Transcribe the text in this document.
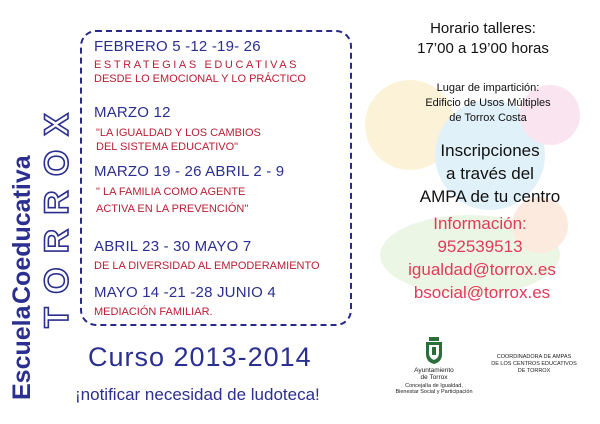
Escuela
Coeducativa TORROX
FEBRERO 5 -12 -19- 26
ESTRATEGIAS EDUCATIVAS
DESDE LO EMOCIONAL Y LO PRÁCTICO
MARZO 12
"LA IGUALDAD Y LOS CAMBIOS
DEL SISTEMA EDUCATIVO"
MARZO 19 - 26 ABRIL 2 - 9
" LA FAMILIA COMO AGENTE
ACTIVA EN LA PREVENCIÓN"
ABRIL 23 - 30 MAYO 7
DE LA DIVERSIDAD AL EMPODERAMIENTO
MAYO 14 -21 -28 JUNIO 4
MEDIACIÓN FAMILIAR.
Curso 2013-2014
¡notificar necesidad de ludoteca!
Horario talleres:
17’00 a 19’00 horas
Lugar de impartición:
Edificio de Usos Múltiples
de Torrox Costa
Inscripciones
a través del
AMPA de tu centro
Información:
952539513
igualdad@torrox.es
bsocial@torrox.es
Ayuntamiento
de Torrox
Concejalía de Igualdad,
Bienestar Social y Participación
COORDINADORA DE AMPAS
DE LOS CENTROS EDUCATIVOS
DE TORROX
